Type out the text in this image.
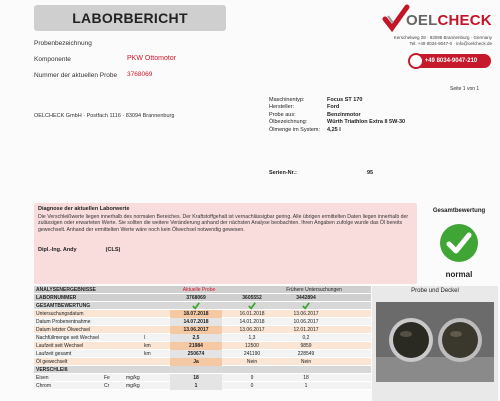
LABORBERICHT
Probenbezeichnung
Komponente	PKW Ottomotor
Nummer der aktuellen Probe 3768069
OELCHECK GmbH · Postfach 1116 · 83094 Brannenburg
OELCHECK
Kerschelweg 28 · 83098 Brannenburg · Germany
Tel. +49 8034-9047-0 · info@oelcheck.de
+49 8034-9047-210
Seite 1 von 1
Maschinentyp:	Focus ST 170
Hersteller:	Ford
Probe aus:	Benzinmotor
Ölbezeichnung:	Würth Triathlon Extra II 5W-30
Ölmenge im System:	4,25 l
Serien-Nr.:	95
Diagnose der aktuellen Laborwerte
Die Verschleißwerte liegen innerhalb des normalen Bereiches. Der Kraftstoffgehalt ist vernachlässigbar gering. Alle übrigen ermittelten Daten liegen innerhalb der zulässigen oder erwarteten Werte. Sie sollten die weitere Veränderung anhand der nächsten Analyse beobachten. Ihren Angaben zufolge wurde das Öl bereits gewechselt. Anhand der ermittelten Werte wäre noch kein Ölwechsel notwendig gewesen.
Dipl.-Ing. Andy	(CLS)
Gesamtbewertung
normal
ANALYSENERGEBNISSE	Aktuelle Probe	Frühere Untersuchungen
LABORNUMMER	3768069	3605552	3442894
GESAMTBEWERTUNG
Untersuchungsdatum	18.07.2018	16.01.2018	13.06.2017
Datum Probenentnahme	14.07.2018	14.01.2018	10.06.2017
Datum letzter Ölwechsel	13.06.2017	13.06.2017	12.01.2017
Nachfüllmenge seit Wechsel	l	2,5	1,3	0,2
Laufzeit seit Wechsel	km	21984	12500	9859
Laufzeit gesamt	km	250674	241190	228549
Öl gewechselt	Ja	Nein	Nein
VERSCHLEIß
Eisen	Fe	mg/kg	18	9	18
Chrom	Cr	mg/kg	1	0	1
Probe und Deckel
